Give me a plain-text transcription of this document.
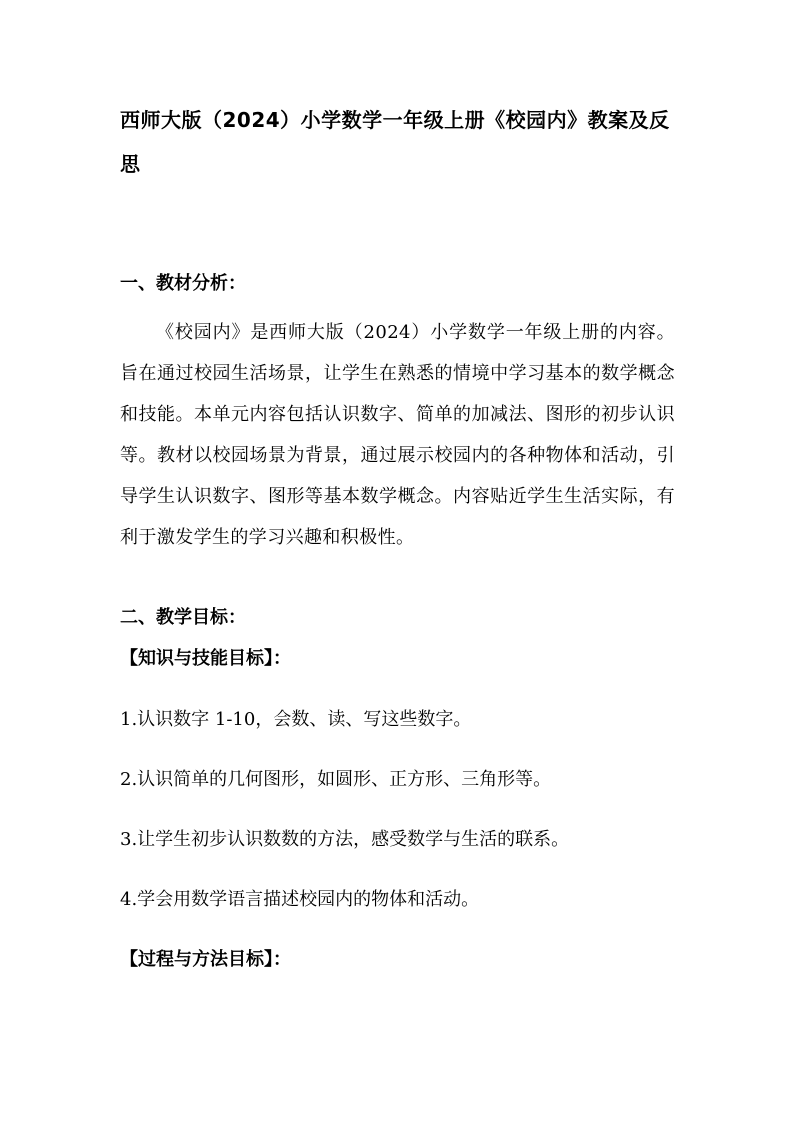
西师大版（2024）小学数学一年级上册《校园内》教案及反思
一、教材分析：

《校园内》是西师大版（2024）小学数学一年级上册的内容。旨在通过校园生活场景，让学生在熟悉的情境中学习基本的数学概念和技能。本单元内容包括认识数字、简单的加减法、图形的初步认识等。教材以校园场景为背景，通过展示校园内的各种物体和活动，引导学生认识数字、图形等基本数学概念。内容贴近学生生活实际，有利于激发学生的学习兴趣和积极性。

二、教学目标：
【知识与技能目标】：

1.认识数字 1-10，会数、读、写这些数字。

2.认识简单的几何图形，如圆形、正方形、三角形等。

3.让学生初步认识数数的方法，感受数学与生活的联系。

4.学会用数学语言描述校园内的物体和活动。

【过程与方法目标】：
